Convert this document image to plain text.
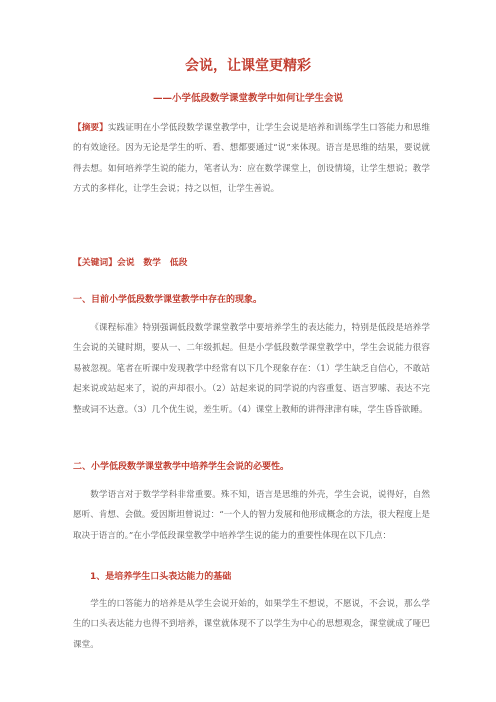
会说，让课堂更精彩
——小学低段数学课堂教学中如何让学生会说
【摘要】实践证明在小学低段数学课堂教学中，让学生会说是培养和训练学生口答能力和思维的有效途径。因为无论是学生的听、看、想都要通过“说”来体现。语言是思维的结果，要说就得去想。如何培养学生说的能力，笔者认为：应在数学课堂上，创设情境，让学生想说；教学方式的多样化，让学生会说；持之以恒，让学生善说。
【关键词】会说　数学　低段
一、目前小学低段数学课堂教学中存在的现象。
《课程标准》特别强调低段数学课堂教学中要培养学生的表达能力，特别是低段是培养学生会说的关键时期，要从一、二年级抓起。但是小学低段数学课堂教学中，学生会说能力很容易被忽视。笔者在听课中发现教学中经常有以下几个现象存在：（1）学生缺乏自信心，不敢站起来说或站起来了，说的声却很小。（2）站起来说的同学说的内容重复、语言罗嗦、表达不完整或词不达意。（3）几个优生说，差生听。（4）课堂上教师的讲得津津有味，学生昏昏欲睡。
二、小学低段数学课堂教学中培养学生会说的必要性。
数学语言对于数学学科非常重要。殊不知，语言是思维的外壳，学生会说，说得好，自然愿听、肯想、会做。爱因斯坦曾说过：“一个人的智力发展和他形成概念的方法，很大程度上是取决于语言的。”在小学低段课堂教学中培养学生说的能力的重要性体现在以下几点：
1、是培养学生口头表达能力的基础
学生的口答能力的培养是从学生会说开始的，如果学生不想说，不愿说，不会说，那么学生的口头表达能力也得不到培养，课堂就体现不了以学生为中心的思想观念，课堂就成了哑巴课堂。
